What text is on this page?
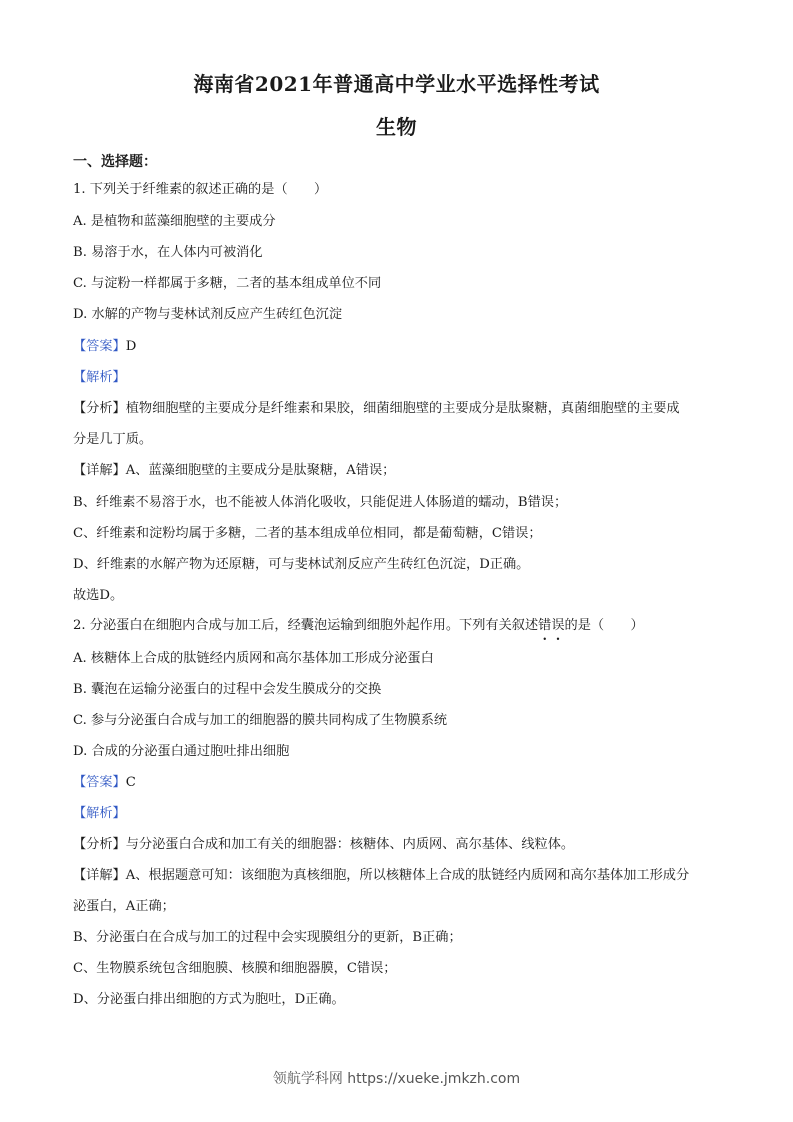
海南省2021年普通高中学业水平选择性考试
生物
一、选择题：
1. 下列关于纤维素的叙述正确的是（　　）
A. 是植物和蓝藻细胞壁的主要成分
B. 易溶于水，在人体内可被消化
C. 与淀粉一样都属于多糖，二者的基本组成单位不同
D. 水解的产物与斐林试剂反应产生砖红色沉淀
【答案】D
【解析】
【分析】植物细胞壁的主要成分是纤维素和果胶，细菌细胞壁的主要成分是肽聚糖，真菌细胞壁的主要成
分是几丁质。
【详解】A、蓝藻细胞壁的主要成分是肽聚糖，A错误；
B、纤维素不易溶于水，也不能被人体消化吸收，只能促进人体肠道的蠕动，B错误；
C、纤维素和淀粉均属于多糖，二者的基本组成单位相同，都是葡萄糖，C错误；
D、纤维素的水解产物为还原糖，可与斐林试剂反应产生砖红色沉淀，D正确。
故选D。
2. 分泌蛋白在细胞内合成与加工后，经囊泡运输到细胞外起作用。下列有关叙述错误的是（　　）
A. 核糖体上合成的肽链经内质网和高尔基体加工形成分泌蛋白
B. 囊泡在运输分泌蛋白的过程中会发生膜成分的交换
C. 参与分泌蛋白合成与加工的细胞器的膜共同构成了生物膜系统
D. 合成的分泌蛋白通过胞吐排出细胞
【答案】C
【解析】
【分析】与分泌蛋白合成和加工有关的细胞器：核糖体、内质网、高尔基体、线粒体。
【详解】A、根据题意可知：该细胞为真核细胞，所以核糖体上合成的肽链经内质网和高尔基体加工形成分
泌蛋白，A正确；
B、分泌蛋白在合成与加工的过程中会实现膜组分的更新，B正确；
C、生物膜系统包含细胞膜、核膜和细胞器膜，C错误；
D、分泌蛋白排出细胞的方式为胞吐，D正确。
领航学科网 https://xueke.jmkzh.com
